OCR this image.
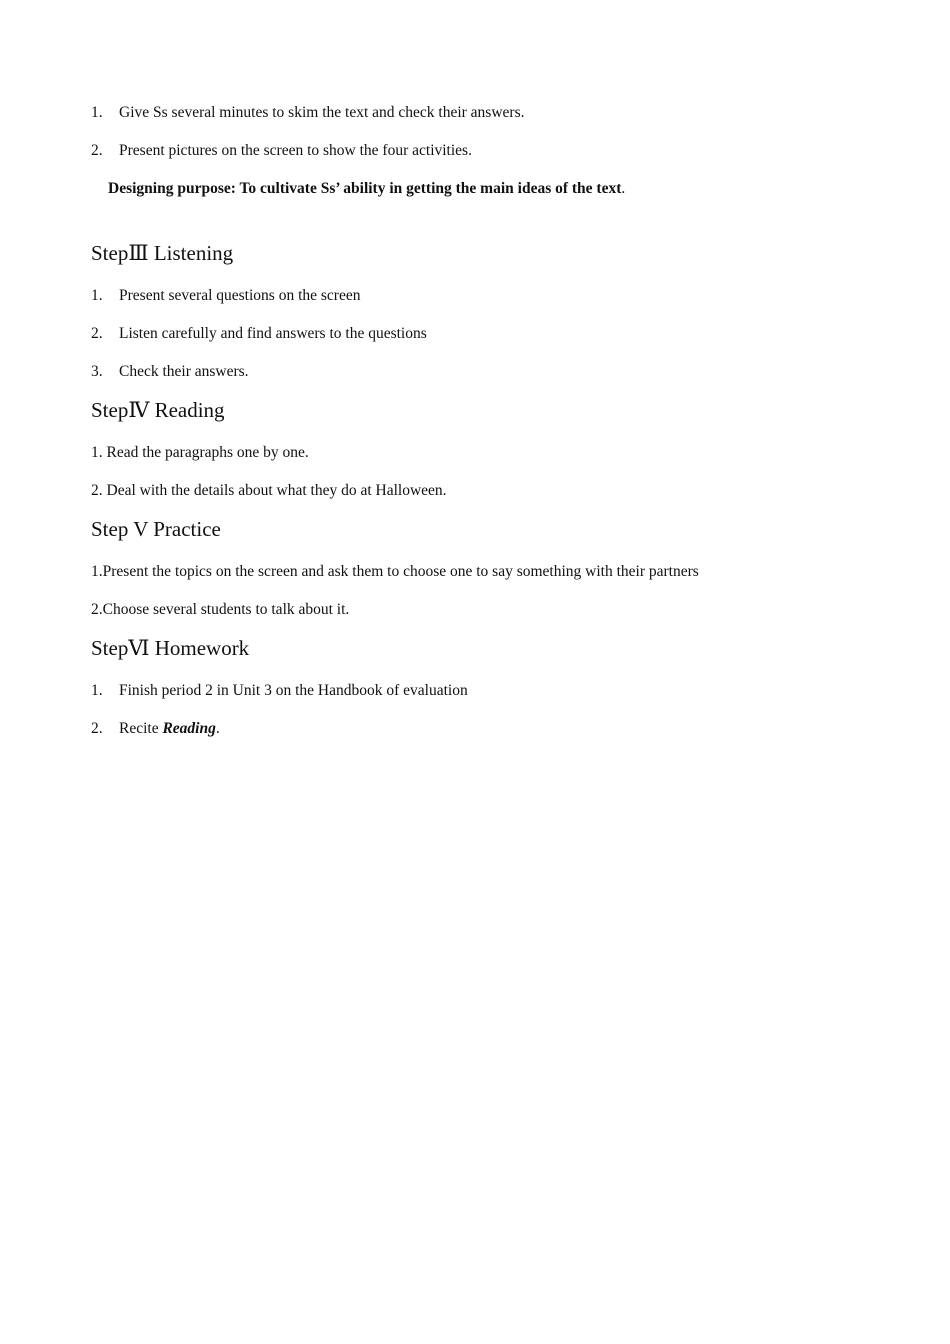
1. Give Ss several minutes to skim the text and check their answers.
2. Present pictures on the screen to show the four activities.
Designing purpose: To cultivate Ss’ ability in getting the main ideas of the text.
StepⅢ Listening
1. Present several questions on the screen
2. Listen carefully and find answers to the questions
3. Check their answers.
StepⅣ Reading
1. Read the paragraphs one by one.
2. Deal with the details about what they do at Halloween.
Step V Practice
1.Present the topics on the screen and ask them to choose one to say something with their partners
2.Choose several students to talk about it.
StepⅥ Homework
1. Finish period 2 in Unit 3 on the Handbook of evaluation
2. Recite Reading.
